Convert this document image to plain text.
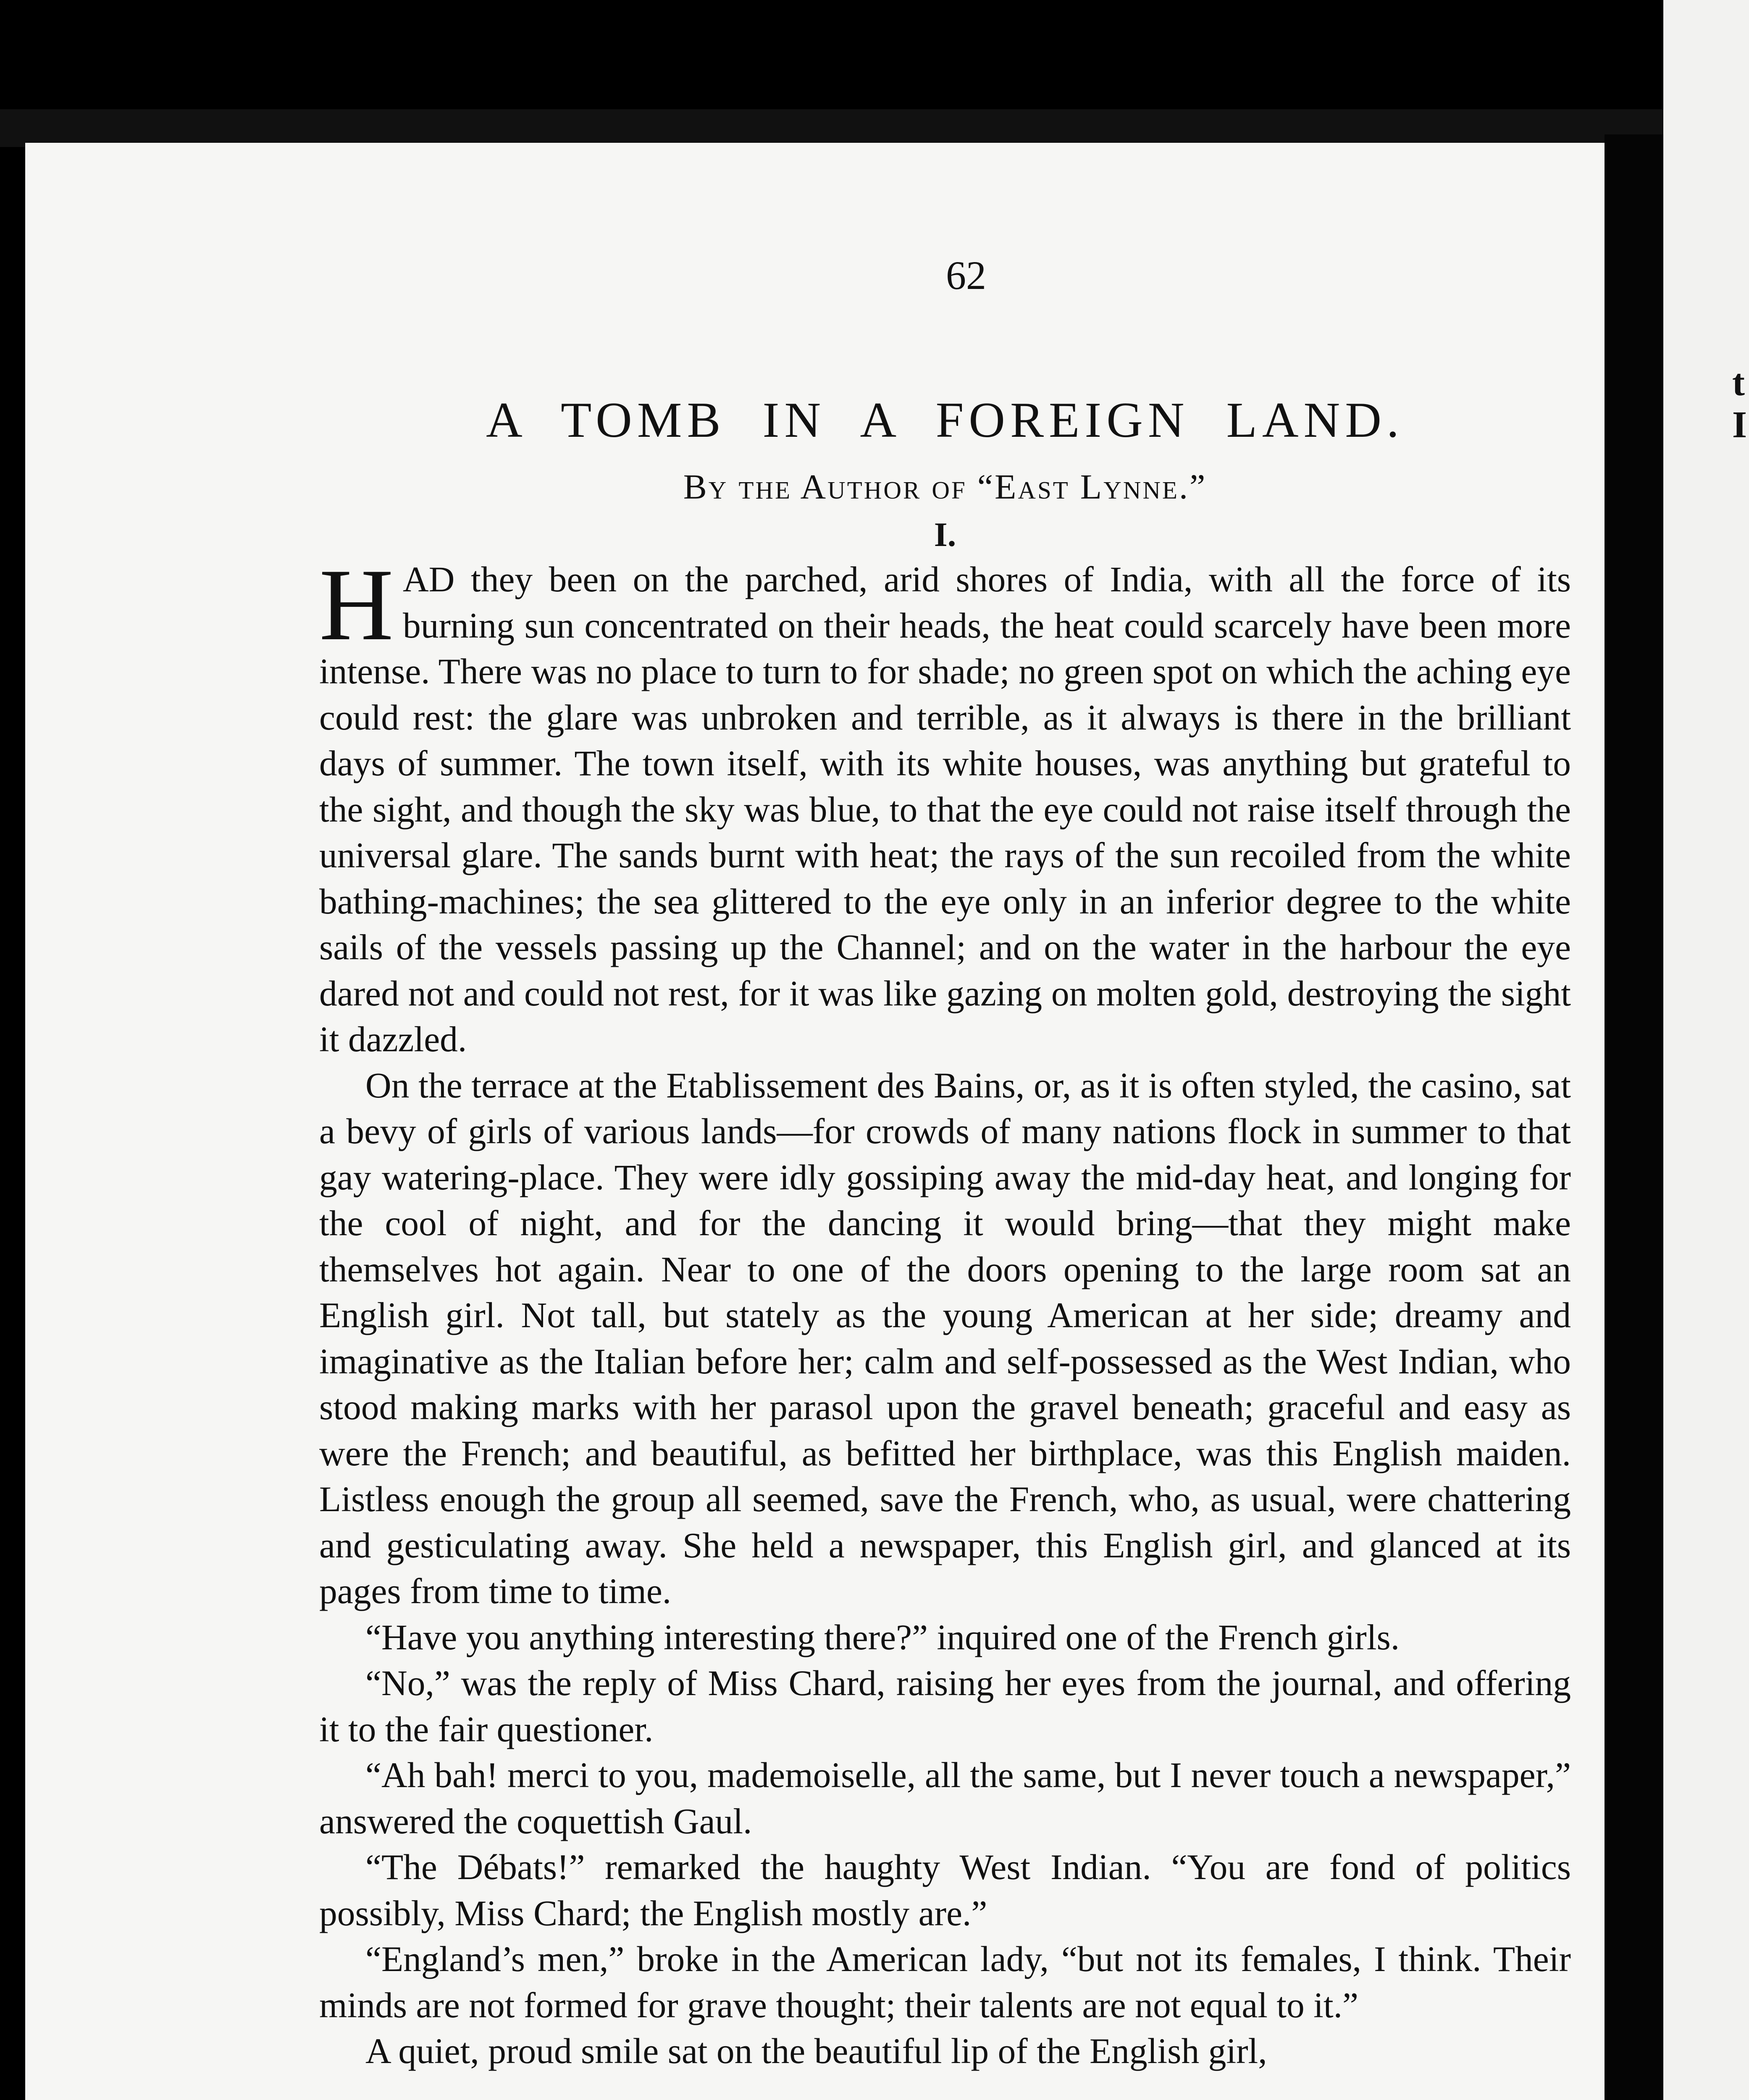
t
I

62

A TOMB IN A FOREIGN LAND.

By the Author of “East Lynne.”

I.

HAD they been on the parched, arid shores of India, with all the force of its burning sun concentrated on their heads, the heat could scarcely have been more intense. There was no place to turn to for shade; no green spot on which the aching eye could rest: the glare was unbroken and terrible, as it always is there in the brilliant days of summer. The town itself, with its white houses, was anything but grateful to the sight, and though the sky was blue, to that the eye could not raise itself through the universal glare. The sands burnt with heat; the rays of the sun recoiled from the white bathing-machines; the sea glittered to the eye only in an inferior degree to the white sails of the vessels passing up the Channel; and on the water in the harbour the eye dared not and could not rest, for it was like gazing on molten gold, destroying the sight it dazzled.

On the terrace at the Etablissement des Bains, or, as it is often styled, the casino, sat a bevy of girls of various lands—for crowds of many nations flock in summer to that gay watering-place. They were idly gossiping away the mid-day heat, and longing for the cool of night, and for the dancing it would bring—that they might make themselves hot again. Near to one of the doors opening to the large room sat an English girl. Not tall, but stately as the young American at her side; dreamy and imaginative as the Italian before her; calm and self-possessed as the West Indian, who stood making marks with her parasol upon the gravel beneath; graceful and easy as were the French; and beautiful, as befitted her birthplace, was this English maiden. Listless enough the group all seemed, save the French, who, as usual, were chattering and gesticulating away. She held a newspaper, this English girl, and glanced at its pages from time to time.

“Have you anything interesting there?” inquired one of the French girls.

“No,” was the reply of Miss Chard, raising her eyes from the journal, and offering it to the fair questioner.

“Ah bah! merci to you, mademoiselle, all the same, but I never touch a newspaper,” answered the coquettish Gaul.

“The Débats!” remarked the haughty West Indian. “You are fond of politics possibly, Miss Chard; the English mostly are.”

“England’s men,” broke in the American lady, “but not its females, I think. Their minds are not formed for grave thought; their talents are not equal to it.”

A quiet, proud smile sat on the beautiful lip of the English girl,
